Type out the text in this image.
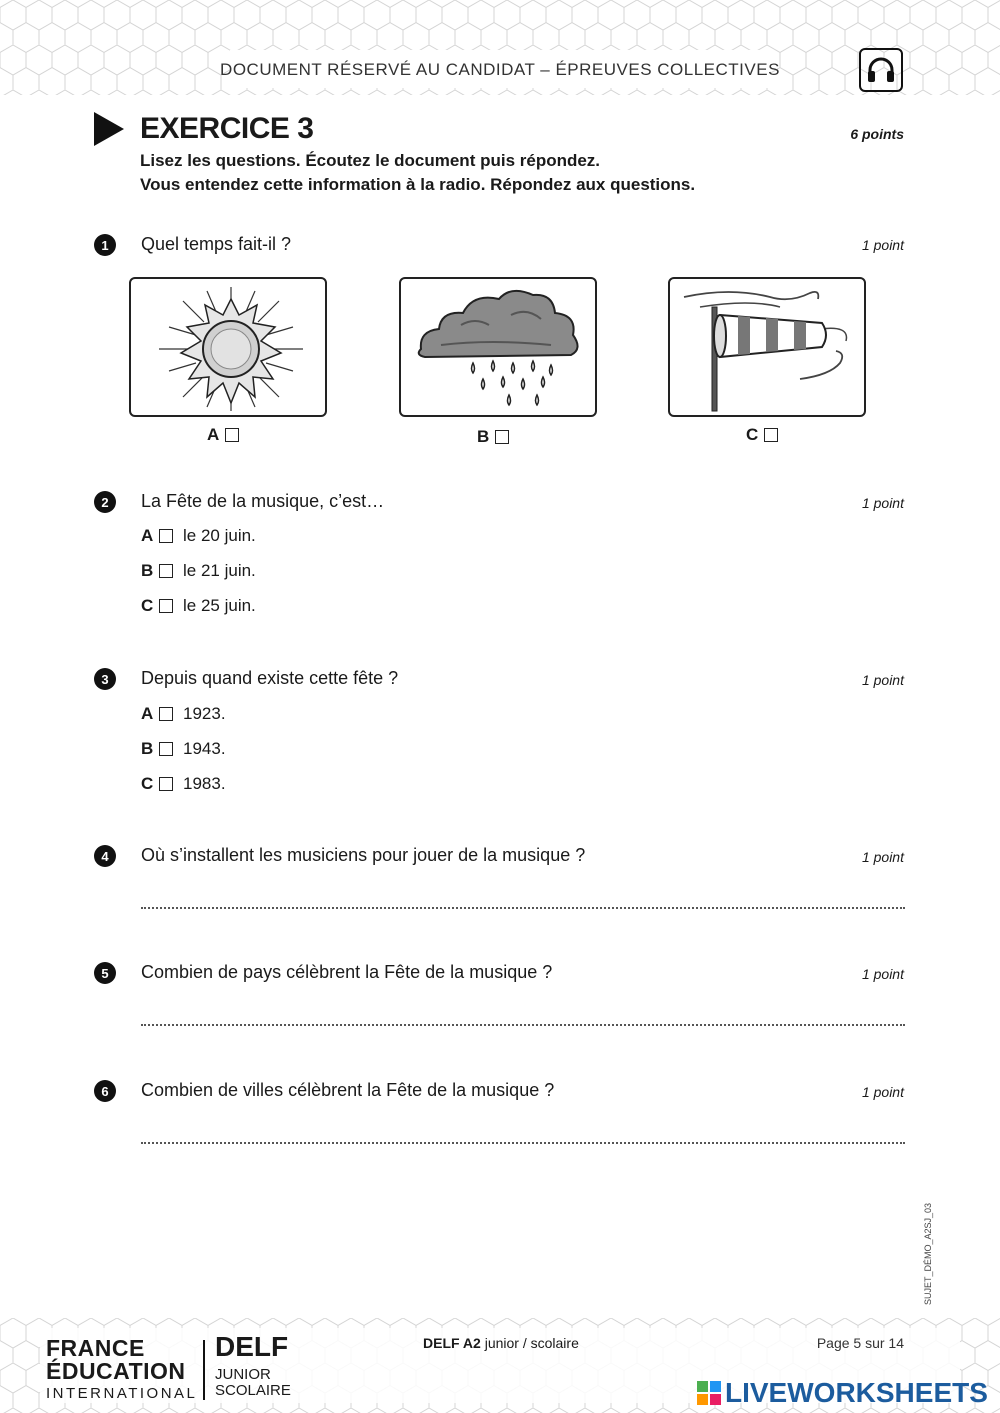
DOCUMENT RÉSERVÉ AU CANDIDAT – ÉPREUVES COLLECTIVES
EXERCICE 3	6 points
Lisez les questions. Écoutez le document puis répondez.
Vous entendez cette information à la radio. Répondez aux questions.
1	Quel temps fait-il ?	1 point
A	B	C
2	La Fête de la musique, c’est…	1 point
A le 20 juin.
B le 21 juin.
C le 25 juin.
3	Depuis quand existe cette fête ?	1 point
A 1923.
B 1943.
C 1983.
4	Où s’installent les musiciens pour jouer de la musique ?	1 point
5	Combien de pays célèbrent la Fête de la musique ?	1 point
6	Combien de villes célèbrent la Fête de la musique ?	1 point
SUJET_DÉMO_A2SJ_03
FRANCE
ÉDUCATION
INTERNATIONAL
DELF
JUNIOR
SCOLAIRE
DELF A2 junior / scolaire	Page 5 sur 14
LIVEWORKSHEETS
